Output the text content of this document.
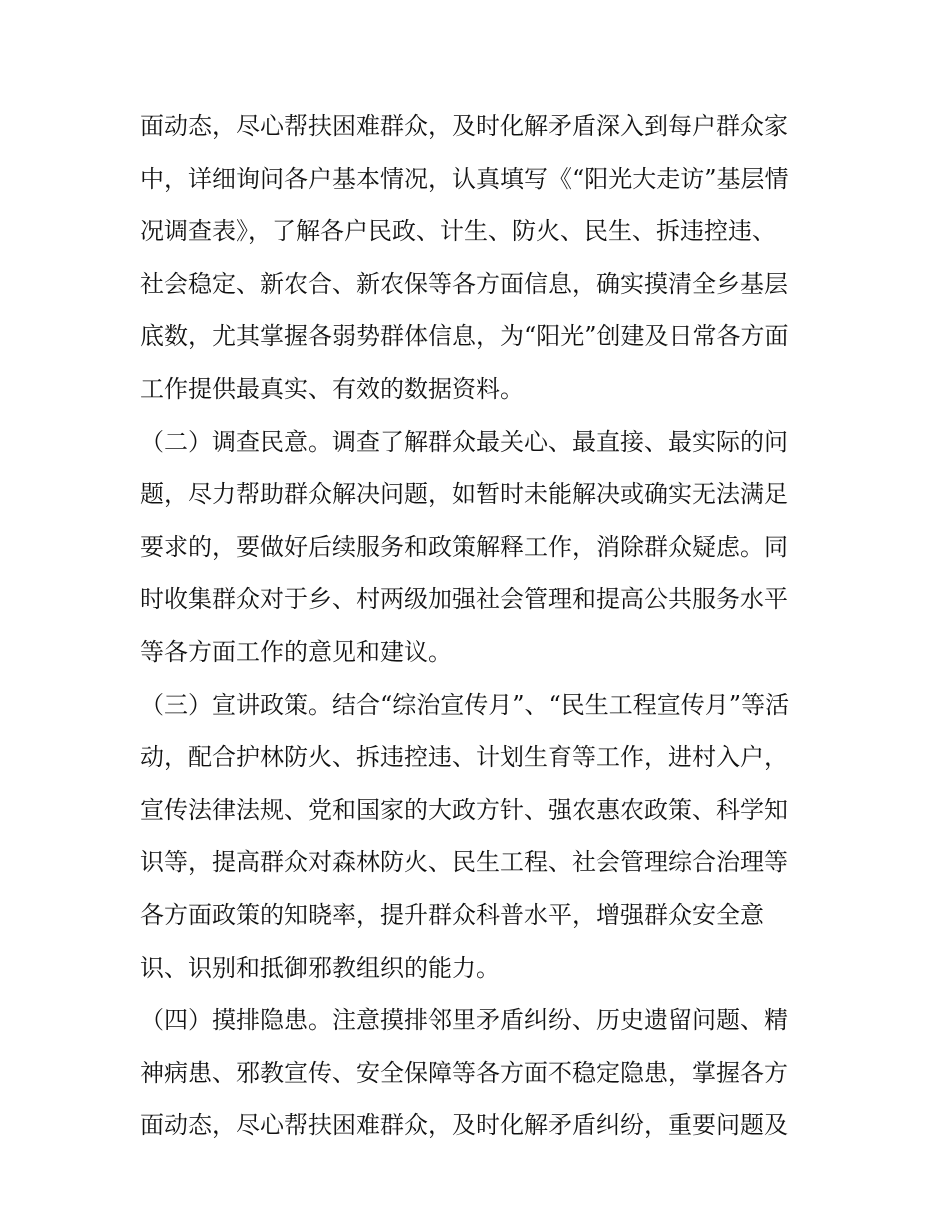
面动态，尽心帮扶困难群众，及时化解矛盾深入到每户群众家
中，详细询问各户基本情况，认真填写《“阳光大走访”基层情
况调查表》，了解各户民政、计生、防火、民生、拆违控违、
社会稳定、新农合、新农保等各方面信息，确实摸清全乡基层
底数，尤其掌握各弱势群体信息，为“阳光”创建及日常各方面
工作提供最真实、有效的数据资料。
（二）调查民意。调查了解群众最关心、最直接、最实际的问
题，尽力帮助群众解决问题，如暂时未能解决或确实无法满足
要求的，要做好后续服务和政策解释工作，消除群众疑虑。同
时收集群众对于乡、村两级加强社会管理和提高公共服务水平
等各方面工作的意见和建议。
（三）宣讲政策。结合“综治宣传月”、“民生工程宣传月”等活
动，配合护林防火、拆违控违、计划生育等工作，进村入户，
宣传法律法规、党和国家的大政方针、强农惠农政策、科学知
识等，提高群众对森林防火、民生工程、社会管理综合治理等
各方面政策的知晓率，提升群众科普水平，增强群众安全意
识、识别和抵御邪教组织的能力。
（四）摸排隐患。注意摸排邻里矛盾纠纷、历史遗留问题、精
神病患、邪教宣传、安全保障等各方面不稳定隐患，掌握各方
面动态，尽心帮扶困难群众，及时化解矛盾纠纷，重要问题及
